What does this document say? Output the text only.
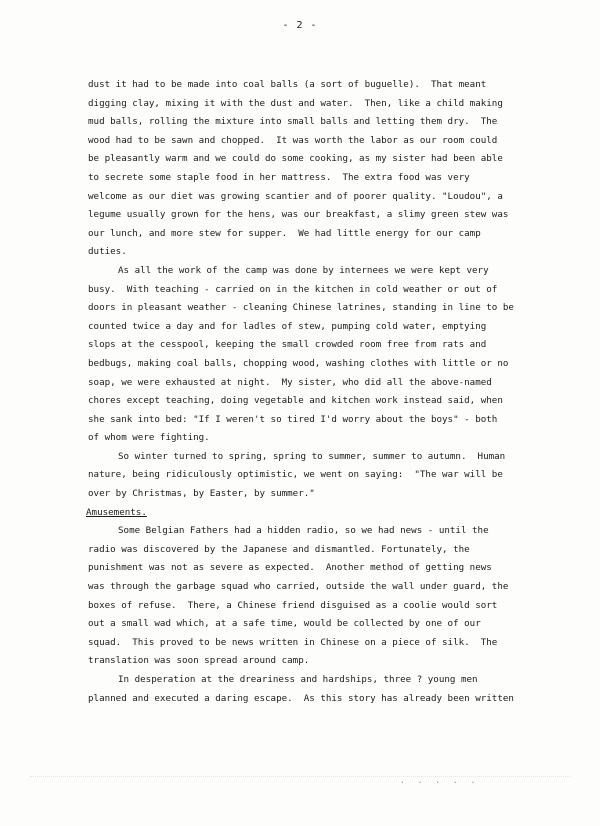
- 2 -
dust it had to be made into coal balls (a sort of buguelle).  That meant
digging clay, mixing it with the dust and water.  Then, like a child making
mud balls, rolling the mixture into small balls and letting them dry.  The
wood had to be sawn and chopped.  It was worth the labor as our room could
be pleasantly warm and we could do some cooking, as my sister had been able
to secrete some staple food in her mattress.  The extra food was very
welcome as our diet was growing scantier and of poorer quality. "Loudou", a
legume usually grown for the hens, was our breakfast, a slimy green stew was
our lunch, and more stew for supper.  We had little energy for our camp
duties.
As all the work of the camp was done by internees we were kept very
busy.  With teaching - carried on in the kitchen in cold weather or out of
doors in pleasant weather - cleaning Chinese latrines, standing in line to be
counted twice a day and for ladles of stew, pumping cold water, emptying
slops at the cesspool, keeping the small crowded room free from rats and
bedbugs, making coal balls, chopping wood, washing clothes with little or no
soap, we were exhausted at night.  My sister, who did all the above-named
chores except teaching, doing vegetable and kitchen work instead said, when
she sank into bed: "If I weren't so tired I'd worry about the boys" - both
of whom were fighting.
So winter turned to spring, spring to summer, summer to autumn.  Human
nature, being ridiculously optimistic, we went on saying:  "The war will be
over by Christmas, by Easter, by summer."
Amusements.
Some Belgian Fathers had a hidden radio, so we had news - until the
radio was discovered by the Japanese and dismantled. Fortunately, the
punishment was not as severe as expected.  Another method of getting news
was through the garbage squad who carried, outside the wall under guard, the
boxes of refuse.  There, a Chinese friend disguised as a coolie would sort
out a small wad which, at a safe time, would be collected by one of our
squad.  This proved to be news written in Chinese on a piece of silk.  The
translation was soon spread around camp.
In desperation at the dreariness and hardships, three ? young men
planned and executed a daring escape.  As this story has already been written
· · · · ·
